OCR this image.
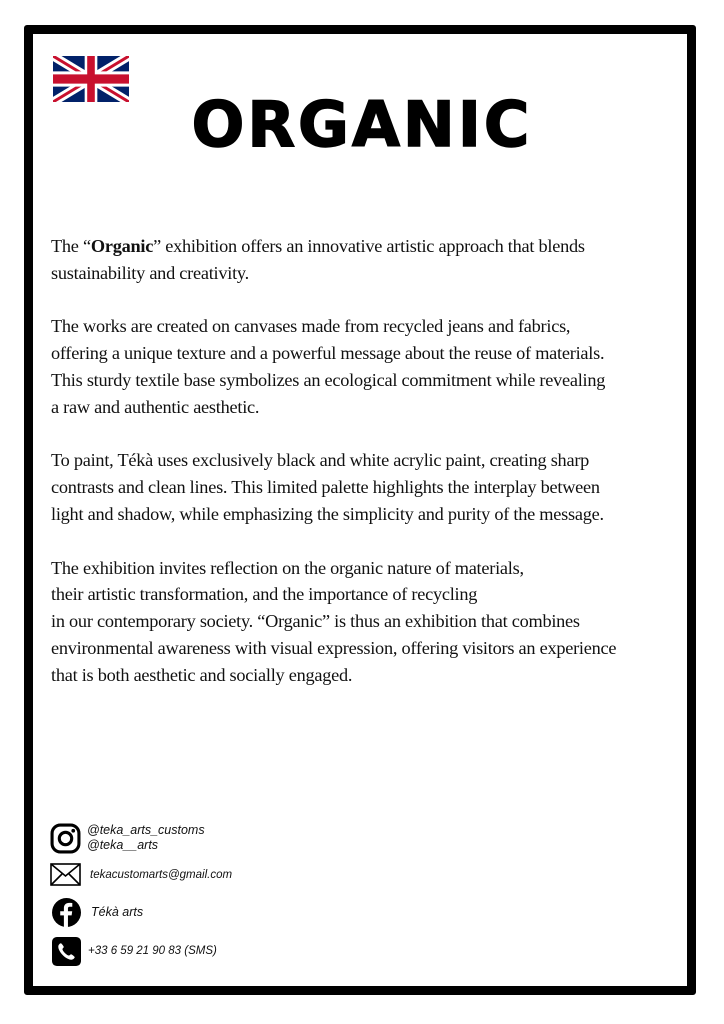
ORGANIC

The “Organic” exhibition offers an innovative artistic approach that blends
sustainability and creativity.

The works are created on canvases made from recycled jeans and fabrics,
offering a unique texture and a powerful message about the reuse of materials.
This sturdy textile base symbolizes an ecological commitment while revealing
a raw and authentic aesthetic.

To paint, Tékà uses exclusively black and white acrylic paint, creating sharp
contrasts and clean lines. This limited palette highlights the interplay between
light and shadow, while emphasizing the simplicity and purity of the message.

The exhibition invites reflection on the organic nature of materials,
their artistic transformation, and the importance of recycling
in our contemporary society. “Organic” is thus an exhibition that combines
environmental awareness with visual expression, offering visitors an experience
that is both aesthetic and socially engaged.

@teka_arts_customs
@teka__arts
tekacustomarts@gmail.com
Tékà arts
+33 6 59 21 90 83 (SMS)
